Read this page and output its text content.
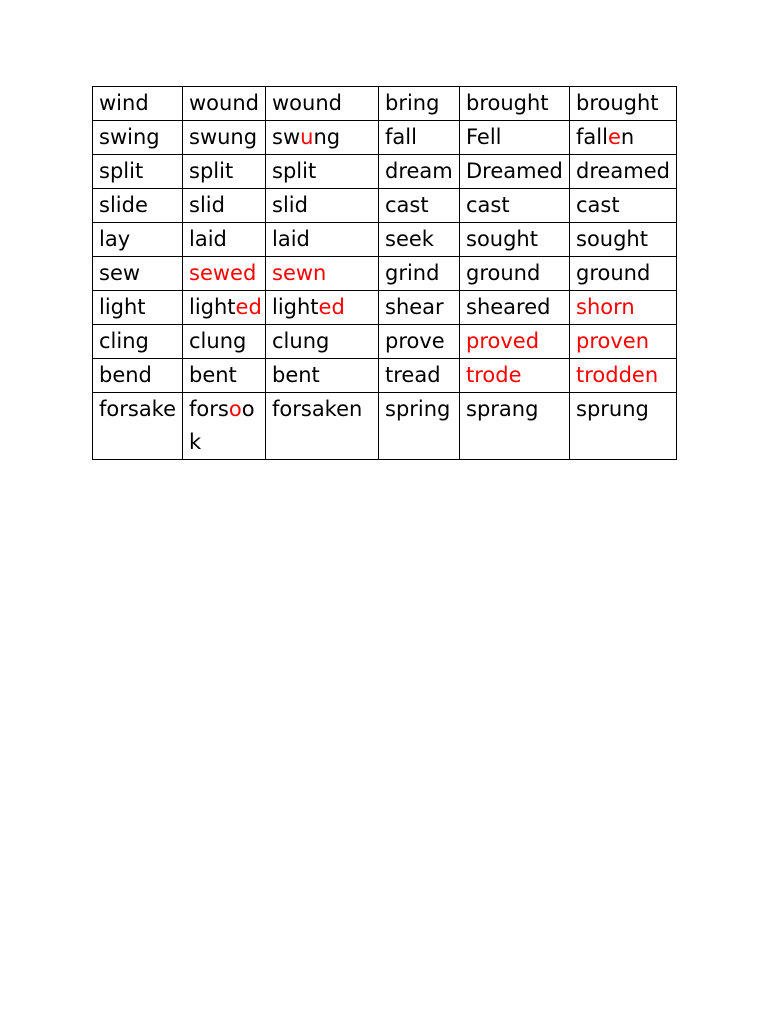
wind	wound	wound	bring	brought	brought
swing	swung	swung	fall	Fell	fallen
split	split	split	dream	Dreamed	dreamed
slide	slid	slid	cast	cast	cast
lay	laid	laid	seek	sought	sought
sew	sewed	sewn	grind	ground	ground
light	lighted	lighted	shear	sheared	shorn
cling	clung	clung	prove	proved	proven
bend	bent	bent	tread	trode	trodden
forsake	forsook	forsaken	spring	sprang	sprung
